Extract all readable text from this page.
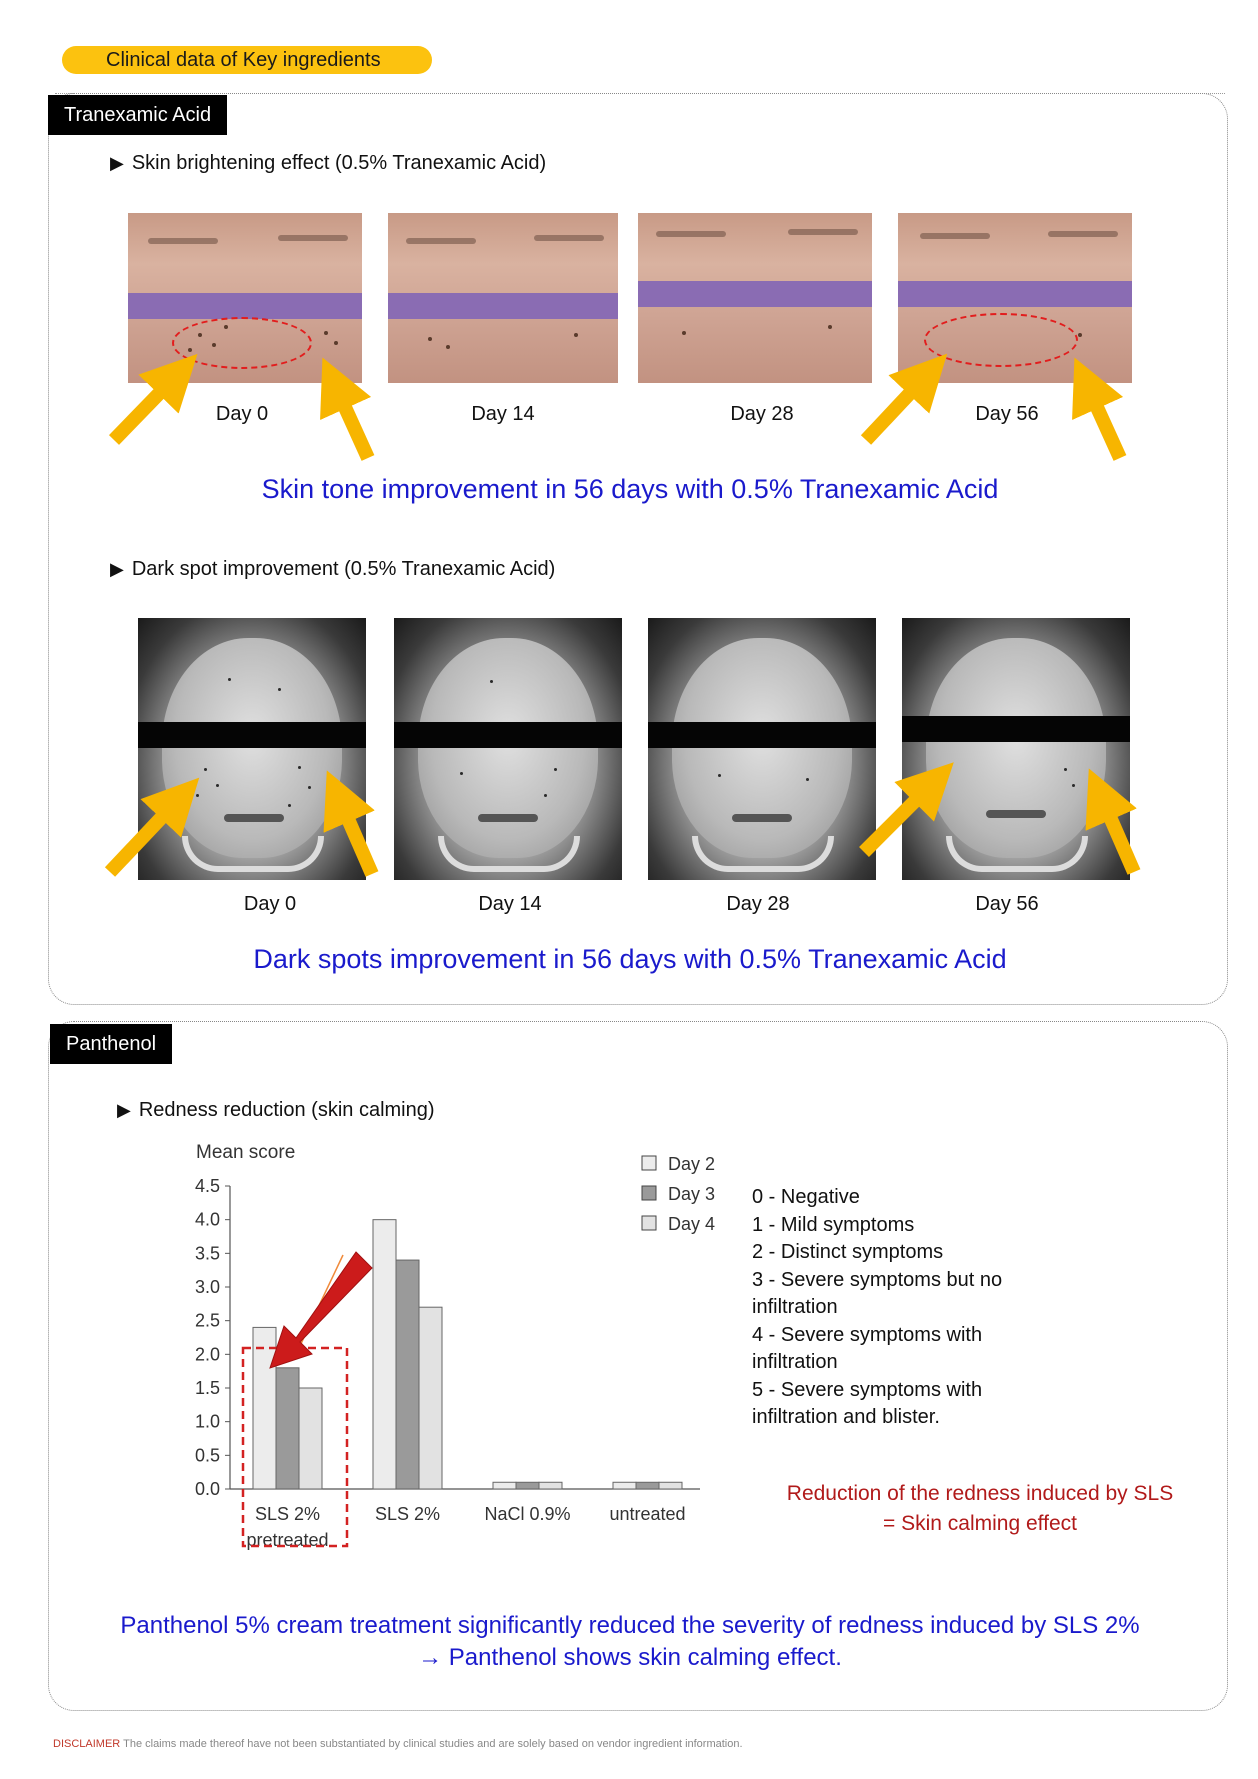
Clinical data of Key ingredients
Tranexamic Acid
▶ Skin brightening effect (0.5% Tranexamic Acid)
Day 0	Day 14	Day 28	Day 56
Skin tone improvement in 56 days with 0.5% Tranexamic Acid
▶ Dark spot improvement (0.5% Tranexamic Acid)
Day 0	Day 14	Day 28	Day 56
Dark spots improvement in 56 days with 0.5% Tranexamic Acid
Panthenol
▶ Redness reduction (skin calming)
Mean score
0.0
0.5
1.0
1.5
2.0
2.5
3.0
3.5
4.0
4.5
SLS 2%
pretreated
SLS 2% NaCl 0.9% untreated
Day 2
Day 3
Day 4
0 - Negative
1 - Mild symptoms
2 - Distinct symptoms
3 - Severe symptoms but no
infiltration
4 - Severe symptoms with
infiltration
5 - Severe symptoms with
infiltration and blister.
Reduction of the redness induced by SLS
= Skin calming effect
Panthenol 5% cream treatment significantly reduced the severity of redness induced by SLS 2%
→ Panthenol shows skin calming effect.
DISCLAIMER The claims made thereof have not been substantiated by clinical studies and are solely based on vendor ingredient information.
